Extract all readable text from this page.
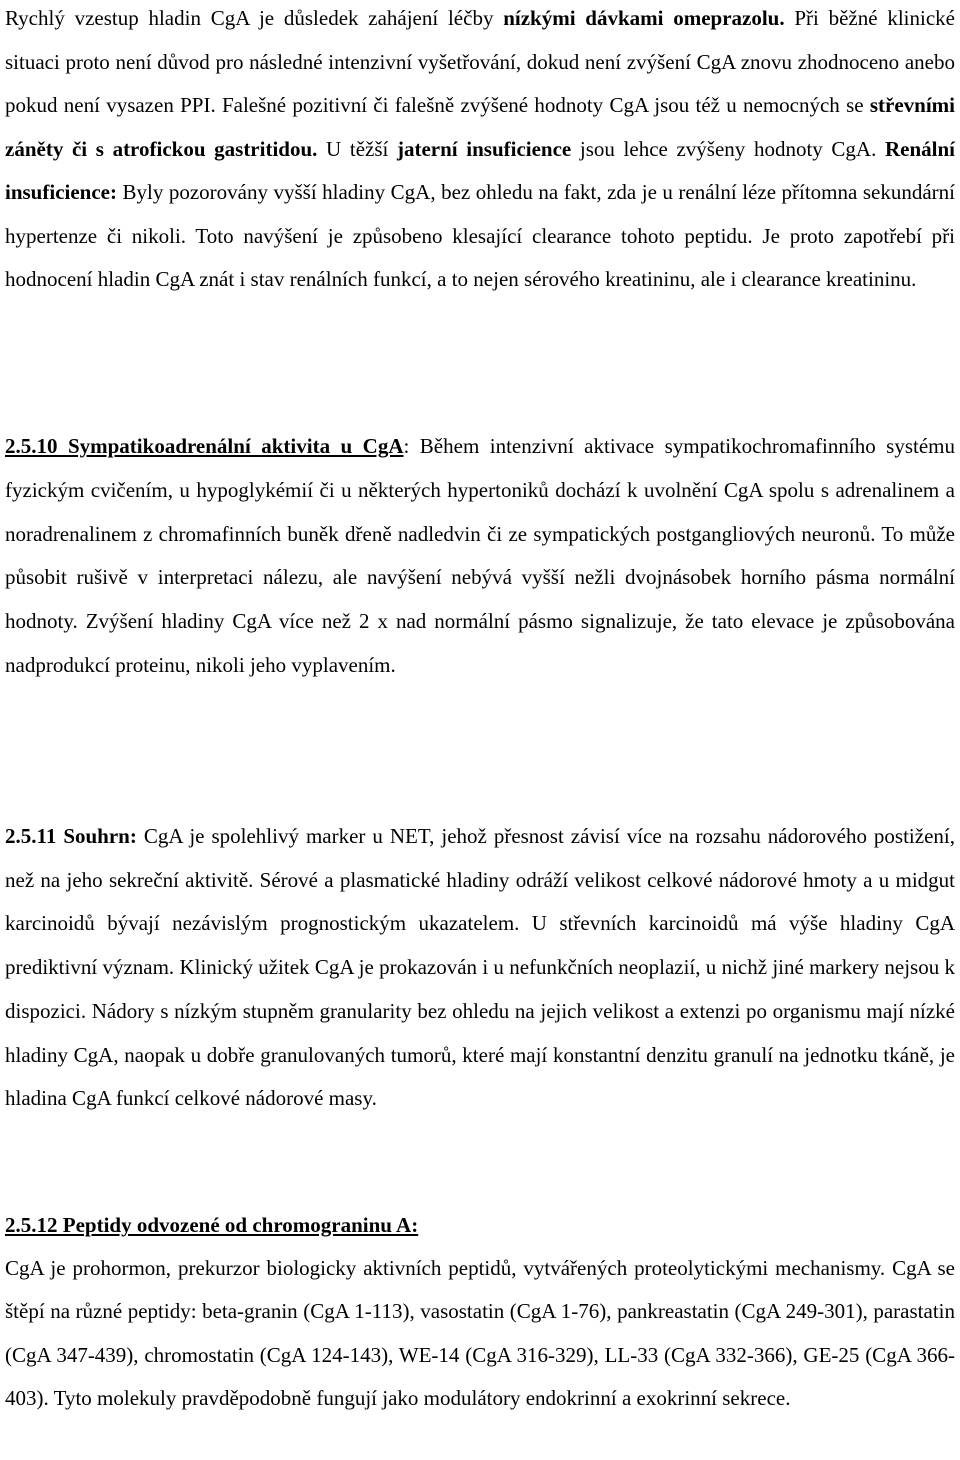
Rychlý vzestup hladin CgA je důsledek zahájení léčby nízkými dávkami omeprazolu. Při běžné klinické situaci proto není důvod pro následné intenzivní vyšetřování, dokud není zvýšení CgA znovu zhodnoceno anebo pokud není vysazen PPI. Falešné pozitivní či falešně zvýšené hodnoty CgA jsou též u nemocných se střevními záněty či s atrofickou gastritidou. U těžší jaterní insuficience jsou lehce zvýšeny hodnoty CgA. Renální insuficience: Byly pozorovány vyšší hladiny CgA, bez ohledu na fakt, zda je u renální léze přítomna sekundární hypertenze či nikoli. Toto navýšení je způsobeno klesající clearance tohoto peptidu. Je proto zapotřebí při hodnocení hladin CgA znát i stav renálních funkcí, a to nejen sérového kreatininu, ale i clearance kreatininu.

2.5.10 Sympatikoadrenální aktivita u CgA: Během intenzivní aktivace sympatikochromafinního systému fyzickým cvičením, u hypoglykémií či u některých hypertoniků dochází k uvolnění CgA spolu s adrenalinem a noradrenalinem z chromafinních buněk dřeně nadledvin či ze sympatických postgangliových neuronů. To může působit rušivě v interpretaci nálezu, ale navýšení nebývá vyšší nežli dvojnásobek horního pásma normální hodnoty. Zvýšení hladiny CgA více než 2 x nad normální pásmo signalizuje, že tato elevace je způsobována nadprodukcí proteinu, nikoli jeho vyplavením.

2.5.11 Souhrn: CgA je spolehlivý marker u NET, jehož přesnost závisí více na rozsahu nádorového postižení, než na jeho sekreční aktivitě. Sérové a plasmatické hladiny odráží velikost celkové nádorové hmoty a u midgut karcinoidů bývají nezávislým prognostickým ukazatelem. U střevních karcinoidů má výše hladiny CgA prediktivní význam. Klinický užitek CgA je prokazován i u nefunkčních neoplazií, u nichž jiné markery nejsou k dispozici. Nádory s nízkým stupněm granularity bez ohledu na jejich velikost a extenzi po organismu mají nízké hladiny CgA, naopak u dobře granulovaných tumorů, které mají konstantní denzitu granulí na jednotku tkáně, je hladina CgA funkcí celkové nádorové masy.

2.5.12 Peptidy odvozené od chromograninu A:

CgA je prohormon, prekurzor biologicky aktivních peptidů, vytvářených proteolytickými mechanismy. CgA se štěpí na různé peptidy: beta-granin (CgA 1-113), vasostatin (CgA 1-76), pankreastatin (CgA 249-301), parastatin (CgA 347-439), chromostatin (CgA 124-143), WE-14 (CgA 316-329), LL-33 (CgA 332-366), GE-25 (CgA 366-403). Tyto molekuly pravděpodobně fungují jako modulátory endokrinní a exokrinní sekrece.
